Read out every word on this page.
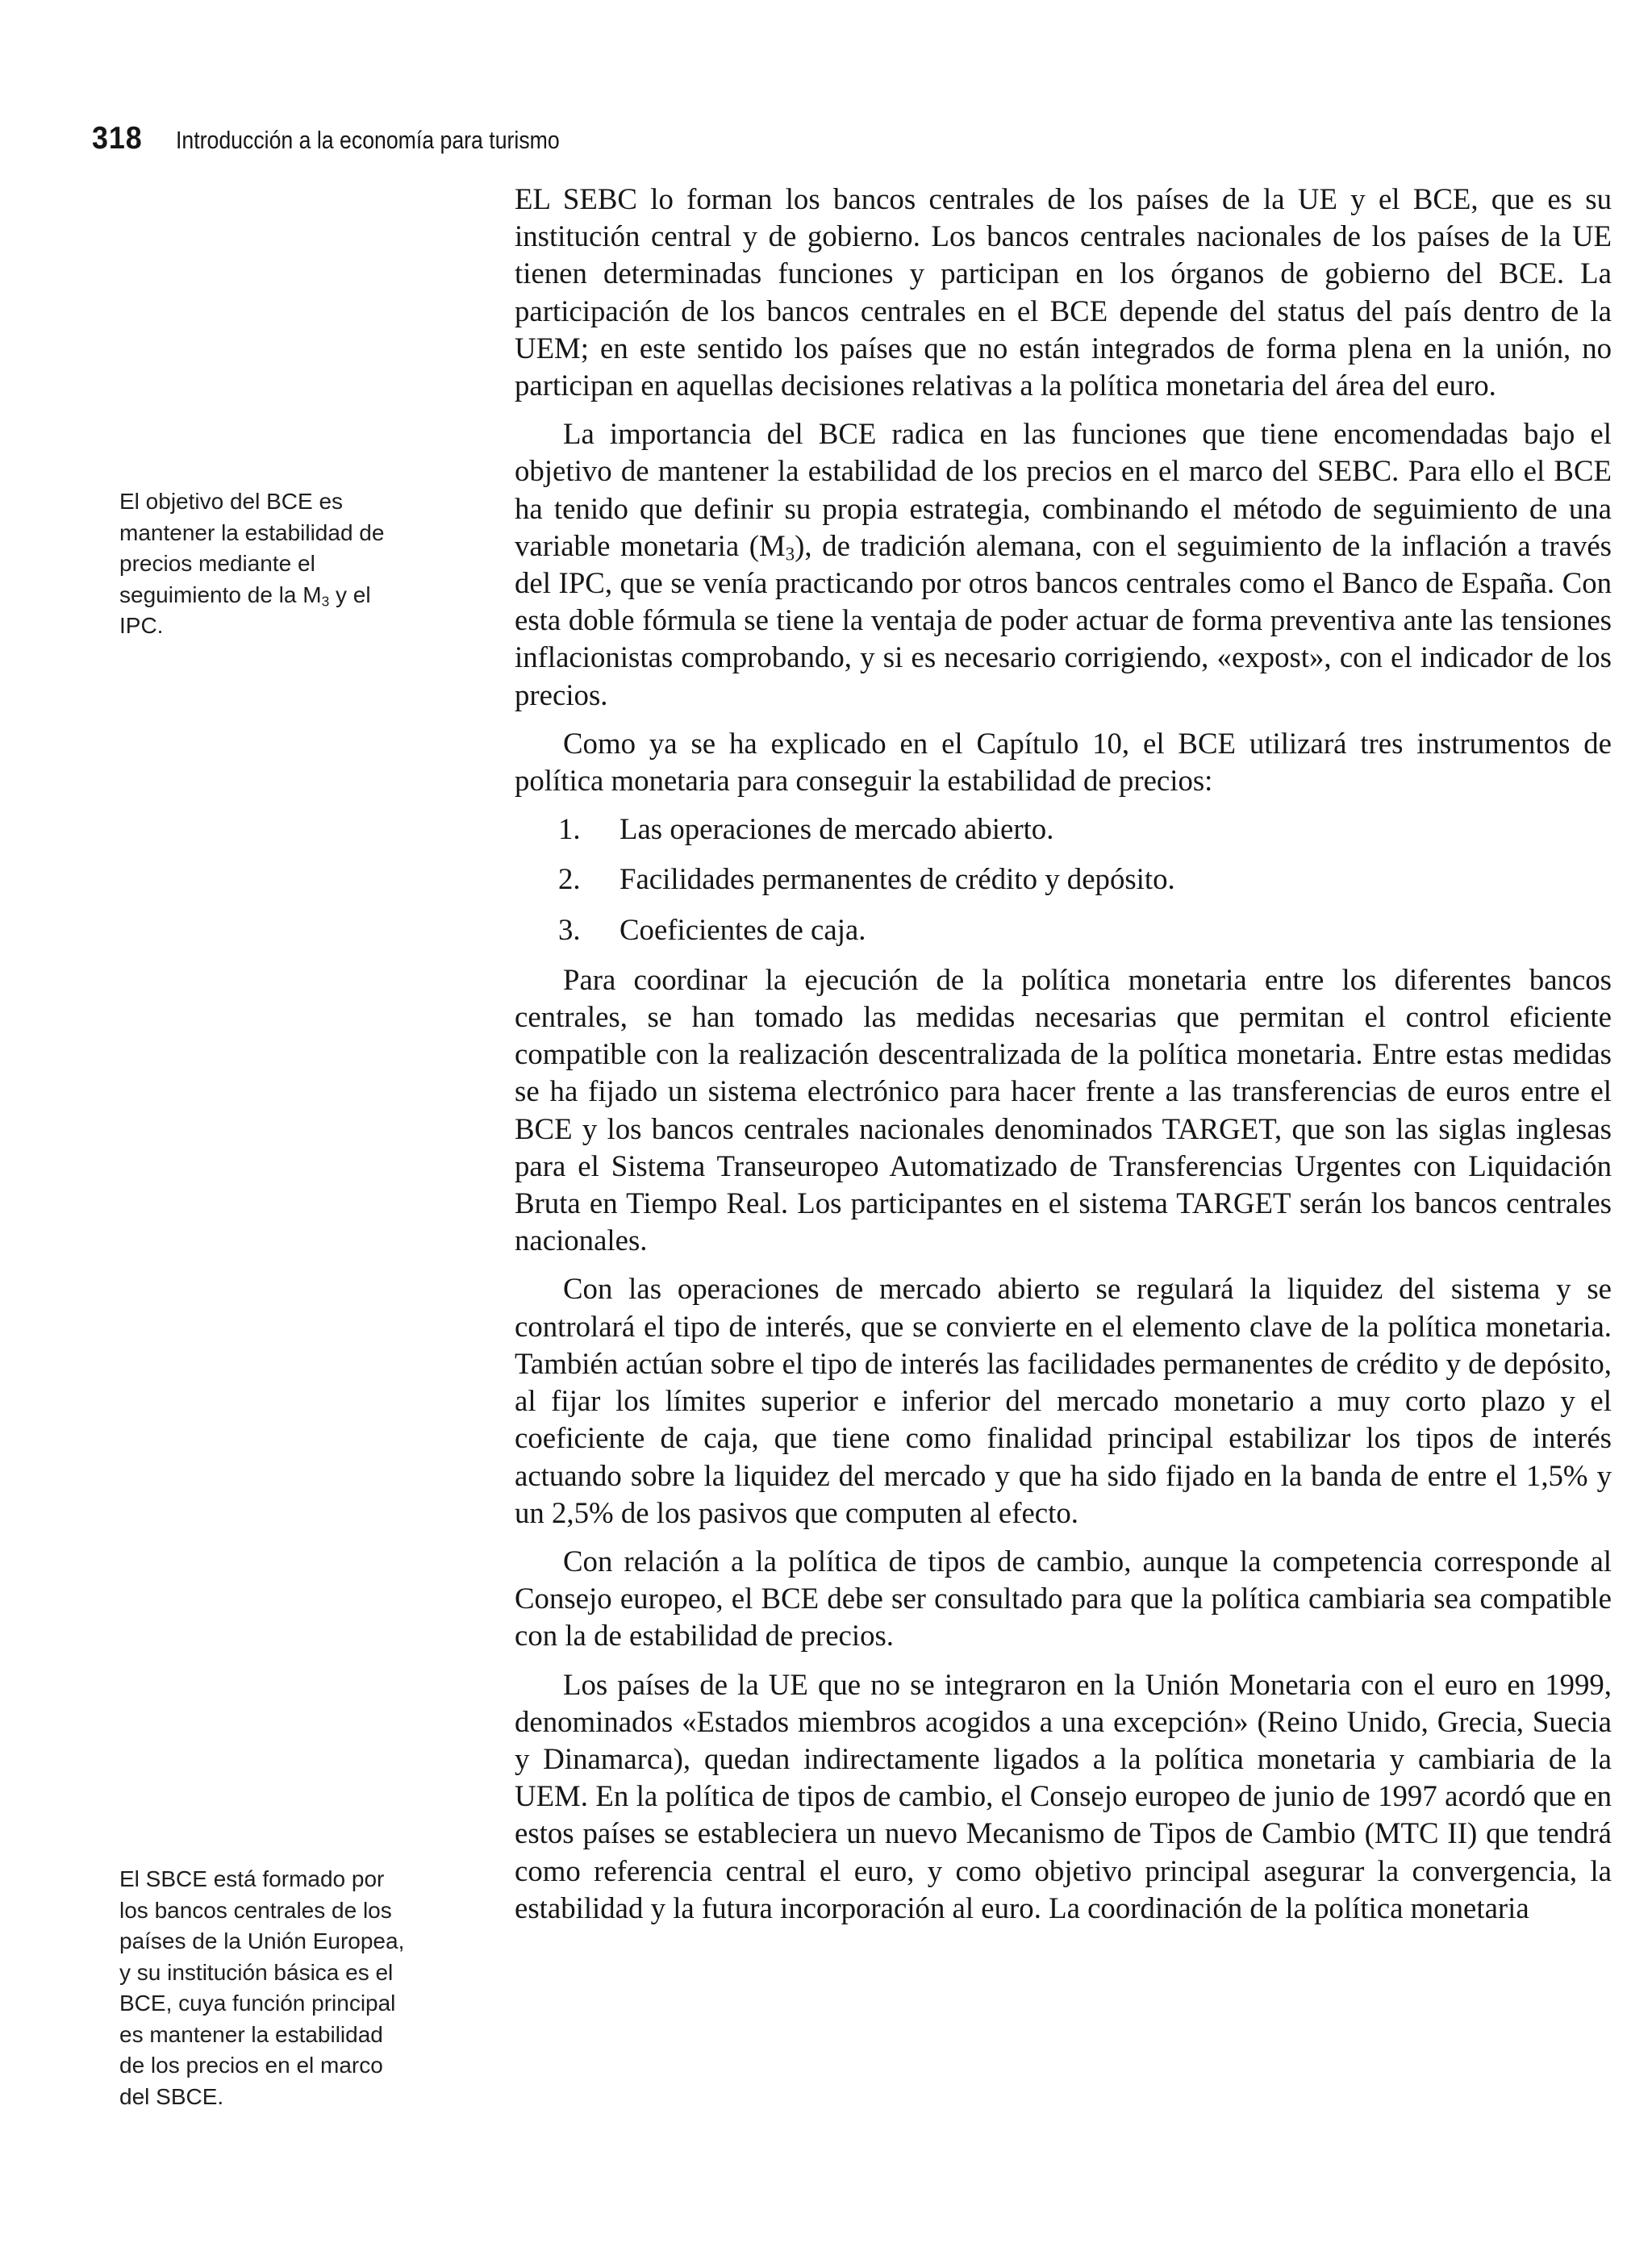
318 Introducción a la economía para turismo
El objetivo del BCE es
mantener la estabilidad de
precios mediante el
seguimiento de la $M_3$ y el
IPC.
El SBCE está formado por
los bancos centrales de los
países de la Unión Europea,
y su institución básica es el
BCE, cuya función principal
es mantener la estabilidad
de los precios en el marco
del SBCE.

EL SEBC lo forman los bancos centrales de los países de la UE y el BCE, que es su institución central y de gobierno. Los bancos centrales nacionales de los países de la UE tienen determinadas funciones y participan en los órganos de gobierno del BCE. La participación de los bancos centrales en el BCE depende del status del país dentro de la UEM; en este sentido los países que no están integrados de forma plena en la unión, no participan en aquellas decisiones relativas a la política monetaria del área del euro.

La importancia del BCE radica en las funciones que tiene encomendadas bajo el objetivo de mantener la estabilidad de los precios en el marco del SEBC. Para ello el BCE ha tenido que definir su propia estrategia, combinando el método de seguimiento de una variable monetaria $(M_3)$, de tradición alemana, con el seguimiento de la inflación a través del IPC, que se venía practicando por otros bancos centrales como el Banco de España. Con esta doble fórmula se tiene la ventaja de poder actuar de forma preventiva ante las tensiones inflacionistas comprobando, y si es necesario corrigiendo, «expost», con el indicador de los precios.

Como ya se ha explicado en el Capítulo 10, el BCE utilizará tres instrumentos de política monetaria para conseguir la estabilidad de precios:

1.	Las operaciones de mercado abierto.
2.	Facilidades permanentes de crédito y depósito.
3.	Coeficientes de caja.

Para coordinar la ejecución de la política monetaria entre los diferentes bancos centrales, se han tomado las medidas necesarias que permitan el control eficiente compatible con la realización descentralizada de la política monetaria. Entre estas medidas se ha fijado un sistema electrónico para hacer frente a las transferencias de euros entre el BCE y los bancos centrales nacionales denominados TARGET, que son las siglas inglesas para el Sistema Transeuropeo Automatizado de Transferencias Urgentes con Liquidación Bruta en Tiempo Real. Los participantes en el sistema TARGET serán los bancos centrales nacionales.

Con las operaciones de mercado abierto se regulará la liquidez del sistema y se controlará el tipo de interés, que se convierte en el elemento clave de la política monetaria. También actúan sobre el tipo de interés las facilidades permanentes de crédito y de depósito, al fijar los límites superior e inferior del mercado monetario a muy corto plazo y el coeficiente de caja, que tiene como finalidad principal estabilizar los tipos de interés actuando sobre la liquidez del mercado y que ha sido fijado en la banda de entre el 1,5% y un 2,5% de los pasivos que computen al efecto.

Con relación a la política de tipos de cambio, aunque la competencia corresponde al Consejo europeo, el BCE debe ser consultado para que la política cambiaria sea compatible con la de estabilidad de precios.

Los países de la UE que no se integraron en la Unión Monetaria con el euro en 1999, denominados «Estados miembros acogidos a una excepción» (Reino Unido, Grecia, Suecia y Dinamarca), quedan indirectamente ligados a la política monetaria y cambiaria de la UEM. En la política de tipos de cambio, el Consejo europeo de junio de 1997 acordó que en estos países se estableciera un nuevo Mecanismo de Tipos de Cambio (MTC II) que tendrá como referencia central el euro, y como objetivo principal asegurar la convergencia, la estabilidad y la futura incorporación al euro. La coordinación de la política monetaria
